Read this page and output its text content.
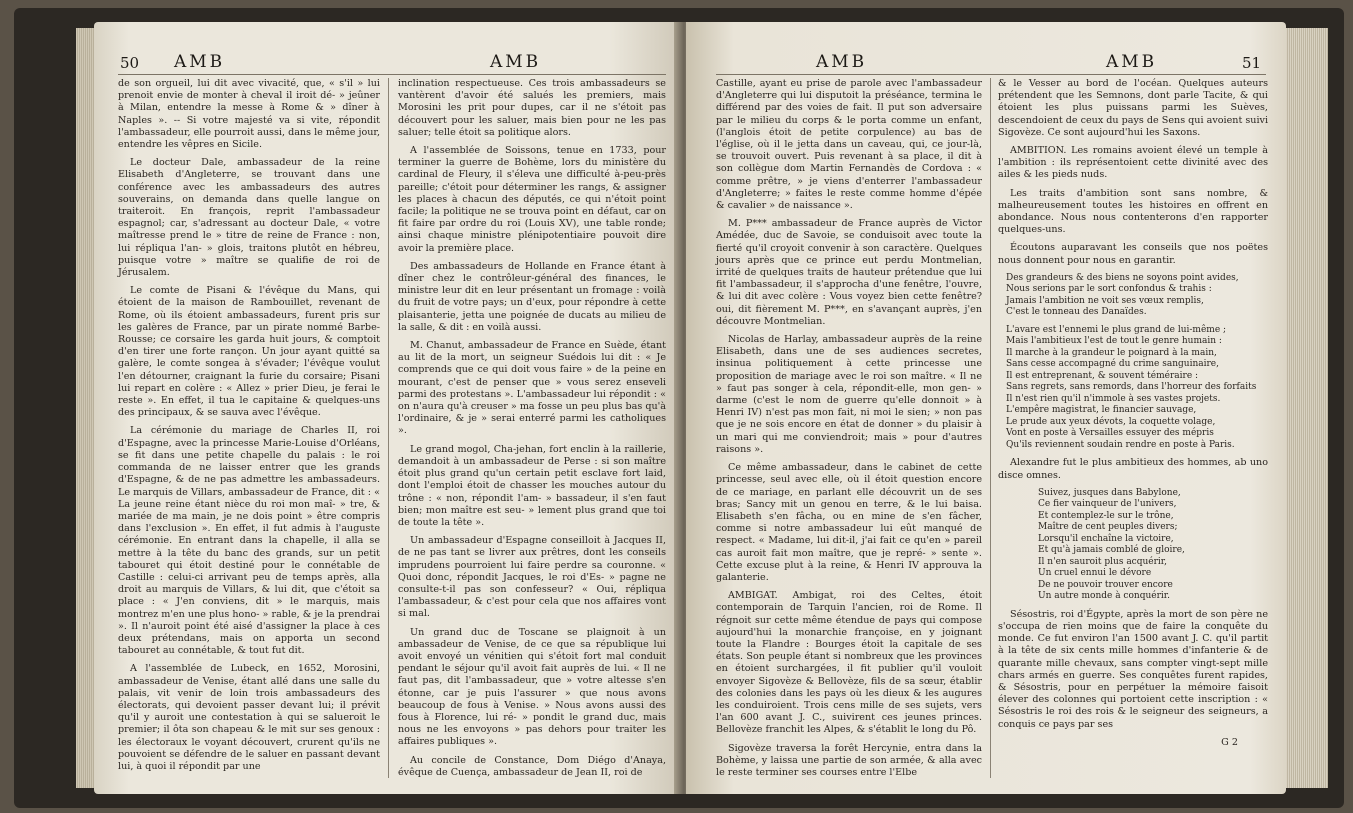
50 AMB	AMB

de son orgueil, lui dit avec vivacité, que, « s'il » lui prenoit envie de monter à cheval il iroit dé- » jeûner à Milan, entendre la messe à Rome & » dîner à Naples ». -- Si votre majesté va si vite, répondit l'ambassadeur, elle pourroit aussi, dans le même jour, entendre les vêpres en Sicile.

Le docteur Dale, ambassadeur de la reine Elisabeth d'Angleterre, se trouvant dans une conférence avec les ambassadeurs des autres souverains, on demanda dans quelle langue on traiteroit. En françois, reprit l'ambassadeur espagnol; car, s'adressant au docteur Dale, « votre maîtresse prend le » titre de reine de France : non, lui répliqua l'an- » glois, traitons plutôt en hébreu, puisque votre » maître se qualifie de roi de Jérusalem.

Le comte de Pisani & l'évêque du Mans, qui étoient de la maison de Rambouillet, revenant de Rome, où ils étoient ambassadeurs, furent pris sur les galères de France, par un pirate nommé Barbe-Rousse; ce corsaire les garda huit jours, & comptoit d'en tirer une forte rançon. Un jour ayant quitté sa galère, le comte songea à s'évader; l'évêque voulut l'en détourner, craignant la furie du corsaire; Pisani lui repart en colère : « Allez » prier Dieu, je ferai le reste ». En effet, il tua le capitaine & quelques-uns des principaux, & se sauva avec l'évêque.

La cérémonie du mariage de Charles II, roi d'Espagne, avec la princesse Marie-Louise d'Orléans, se fit dans une petite chapelle du palais : le roi commanda de ne laisser entrer que les grands d'Espagne, & de ne pas admettre les ambassadeurs. Le marquis de Villars, ambassadeur de France, dit : « La jeune reine étant nièce du roi mon maî- » tre, & mariée de ma main, je ne dois point » être compris dans l'exclusion ». En effet, il fut admis à l'auguste cérémonie. En entrant dans la chapelle, il alla se mettre à la tête du banc des grands, sur un petit tabouret qui étoit destiné pour le connétable de Castille : celui-ci arrivant peu de temps après, alla droit au marquis de Villars, & lui dit, que c'étoit sa place : « J'en conviens, dit » le marquis, mais montrez m'en une plus hono- » rable, & je la prendrai ». Il n'auroit point été aisé d'assigner la place à ces deux prétendans, mais on apporta un second tabouret au connétable, & tout fut dit.

A l'assemblée de Lubeck, en 1652, Morosini, ambassadeur de Venise, étant allé dans une salle du palais, vit venir de loin trois ambassadeurs des électorats, qui devoient passer devant lui; il prévit qu'il y auroit une contestation à qui se salueroit le premier; il ôta son chapeau & le mit sur ses genoux : les électoraux le voyant découvert, crurent qu'ils ne pouvoient se défendre de le saluer en passant devant lui, à quoi il répondit par une

inclination respectueuse. Ces trois ambassadeurs se vantèrent d'avoir été salués les premiers, mais Morosini les prit pour dupes, car il ne s'étoit pas découvert pour les saluer, mais bien pour ne les pas saluer; telle étoit sa politique alors.

A l'assemblée de Soissons, tenue en 1733, pour terminer la guerre de Bohème, lors du ministère du cardinal de Fleury, il s'éleva une difficulté à-peu-près pareille; c'étoit pour déterminer les rangs, & assigner les places à chacun des députés, ce qui n'étoit point facile; la politique ne se trouva point en défaut, car on fit faire par ordre du roi (Louis XV), une table ronde; ainsi chaque ministre plénipotentiaire pouvoit dire avoir la première place.

Des ambassadeurs de Hollande en France étant à dîner chez le contrôleur-général des finances, le ministre leur dit en leur présentant un fromage : voilà du fruit de votre pays; un d'eux, pour répondre à cette plaisanterie, jetta une poignée de ducats au milieu de la salle, & dit : en voilà aussi.

M. Chanut, ambassadeur de France en Suède, étant au lit de la mort, un seigneur Suédois lui dit : « Je comprends que ce qui doit vous faire » de la peine en mourant, c'est de penser que » vous serez enseveli parmi des protestans ». L'ambassadeur lui répondit : « on n'aura qu'à creuser » ma fosse un peu plus bas qu'à l'ordinaire, & je » serai enterré parmi les catholiques ».

Le grand mogol, Cha-jehan, fort enclin à la raillerie, demandoit à un ambassadeur de Perse : si son maître étoit plus grand qu'un certain petit esclave fort laid, dont l'emploi étoit de chasser les mouches autour du trône : « non, répondit l'am- » bassadeur, il s'en faut bien; mon maître est seu- » lement plus grand que toi de toute la tête ».

Un ambassadeur d'Espagne conseilloit à Jacques II, de ne pas tant se livrer aux prêtres, dont les conseils imprudens pourroient lui faire perdre sa couronne. « Quoi donc, répondit Jacques, le roi d'Es- » pagne ne consulte-t-il pas son confesseur? « Oui, répliqua l'ambassadeur, & c'est pour cela que nos affaires vont si mal.

Un grand duc de Toscane se plaignoit à un ambassadeur de Venise, de ce que sa république lui avoit envoyé un vénitien qui s'étoit fort mal conduit pendant le séjour qu'il avoit fait auprès de lui. « Il ne faut pas, dit l'ambassadeur, que » votre altesse s'en étonne, car je puis l'assurer » que nous avons beaucoup de fous à Venise. » Nous avons aussi des fous à Florence, lui ré- » pondit le grand duc, mais nous ne les envoyons » pas dehors pour traiter les affaires publiques ».

Au concile de Constance, Dom Diégo d'Anaya, évêque de Cuença, ambassadeur de Jean II, roi de

AMB	AMB	51

Castille, ayant eu prise de parole avec l'ambassadeur d'Angleterre qui lui disputoit la préséance, termina le différend par des voies de fait. Il put son adversaire par le milieu du corps & le porta comme un enfant, (l'anglois étoit de petite corpulence) au bas de l'église, où il le jetta dans un caveau, qui, ce jour-là, se trouvoit ouvert. Puis revenant à sa place, il dit à son collègue dom Martin Fernandès de Cordova : « comme prêtre, » je viens d'enterrer l'ambassadeur d'Angleterre; » faites le reste comme homme d'épée & cavalier » de naissance ».

M. P*** ambassadeur de France auprès de Victor Amédée, duc de Savoie, se conduisoit avec toute la fierté qu'il croyoit convenir à son caractère. Quelques jours après que ce prince eut perdu Montmelian, irrité de quelques traits de hauteur prétendue que lui fit l'ambassadeur, il s'approcha d'une fenêtre, l'ouvre, & lui dit avec colère : Vous voyez bien cette fenêtre? oui, dit fièrement M. P***, en s'avançant auprès, j'en découvre Montmelian.

Nicolas de Harlay, ambassadeur auprès de la reine Elisabeth, dans une de ses audiences secretes, insinua politiquement à cette princesse une proposition de mariage avec le roi son maître. « Il ne » faut pas songer à cela, répondit-elle, mon gen- » darme (c'est le nom de guerre qu'elle donnoit » à Henri IV) n'est pas mon fait, ni moi le sien; » non pas que je ne sois encore en état de donner » du plaisir à un mari qui me conviendroit; mais » pour d'autres raisons ».

Ce même ambassadeur, dans le cabinet de cette princesse, seul avec elle, où il étoit question encore de ce mariage, en parlant elle découvrit un de ses bras; Sancy mit un genou en terre, & le lui baisa. Elisabeth s'en fâcha, ou en mine de s'en fâcher, comme si notre ambassadeur lui eût manqué de respect. « Madame, lui dit-il, j'ai fait ce qu'en » pareil cas auroit fait mon maître, que je repré- » sente ». Cette excuse plut à la reine, & Henri IV approuva la galanterie.

AMBIGAT. Ambigat, roi des Celtes, étoit contemporain de Tarquin l'ancien, roi de Rome. Il régnoit sur cette même étendue de pays qui compose aujourd'hui la monarchie françoise, en y joignant toute la Flandre : Bourges étoit la capitale de ses états. Son peuple étant si nombreux que les provinces en étoient surchargées, il fit publier qu'il vouloit envoyer Sigovèze & Bellovèze, fils de sa sœur, établir des colonies dans les pays où les dieux & les augures les conduiroient. Trois cens mille de ses sujets, vers l'an 600 avant J. C., suivirent ces jeunes princes. Bellovèze franchit les Alpes, & s'établit le long du Pô.

Sigovèze traversa la forêt Hercynie, entra dans la Bohème, y laissa une partie de son armée, & alla avec le reste terminer ses courses entre l'Elbe

& le Vesser au bord de l'océan. Quelques auteurs prétendent que les Semnons, dont parle Tacite, & qui étoient les plus puissans parmi les Suèves, descendoient de ceux du pays de Sens qui avoient suivi Sigovèze. Ce sont aujourd'hui les Saxons.

AMBITION. Les romains avoient élevé un temple à l'ambition : ils représentoient cette divinité avec des ailes & les pieds nuds.

Les traits d'ambition sont sans nombre, & malheureusement toutes les histoires en offrent en abondance. Nous nous contenterons d'en rapporter quelques-uns.

Écoutons auparavant les conseils que nos poëtes nous donnent pour nous en garantir.

Des grandeurs & des biens ne soyons point avides,
Nous serions par le sort confondus & trahis :
Jamais l'ambition ne voit ses vœux remplis,
C'est le tonneau des Danaïdes.

L'avare est l'ennemi le plus grand de lui-même ;
Mais l'ambitieux l'est de tout le genre humain :
Il marche à la grandeur le poignard à la main,
Sans cesse accompagné du crime sanguinaire,
Il est entreprenant, & souvent téméraire :
Sans regrets, sans remords, dans l'horreur des forfaits
Il n'est rien qu'il n'immole à ses vastes projets.
L'empêre magistrat, le financier sauvage,
Le prude aux yeux dévots, la coquette volage,
Vont en poste à Versailles essuyer des mépris
Qu'ils reviennent soudain rendre en poste à Paris.

Alexandre fut le plus ambitieux des hommes, ab uno disce omnes.

Suivez, jusques dans Babylone,
Ce fier vainqueur de l'univers,
Et contemplez-le sur le trône,
Maître de cent peuples divers;
Lorsqu'il enchaîne la victoire,
Et qu'à jamais comblé de gloire,
Il n'en sauroit plus acquérir,
Un cruel ennui le dévore
De ne pouvoir trouver encore
Un autre monde à conquérir.

Sésostris, roi d'Égypte, après la mort de son père ne s'occupa de rien moins que de faire la conquête du monde. Ce fut environ l'an 1500 avant J. C. qu'il partit à la tête de six cents mille hommes d'infanterie & de quarante mille chevaux, sans compter vingt-sept mille chars armés en guerre. Ses conquêtes furent rapides, & Sésostris, pour en perpétuer la mémoire faisoit élever des colonnes qui portoient cette inscription : « Sésostris le roi des rois & le seigneur des seigneurs, a conquis ce pays par ses

G 2
